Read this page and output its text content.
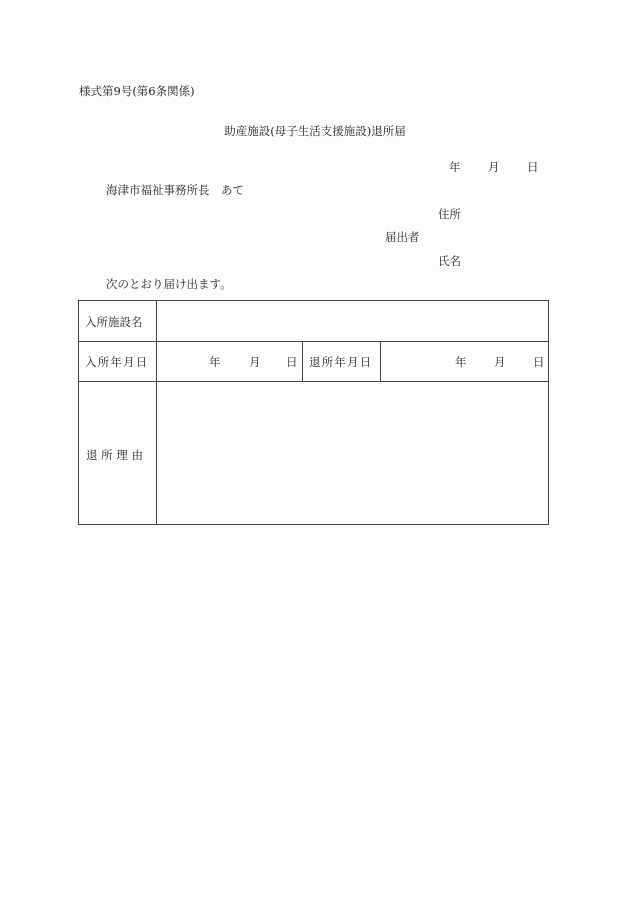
様式第9号(第6条関係)
助産施設(母子生活支援施設)退所届
年 月 日
海津市福祉事務所長　あて
住所
届出者
氏名
次のとおり届け出ます。
入所施設名
入所年月日	年 月 日 退所年月日	年 月 日
退 所 理 由
